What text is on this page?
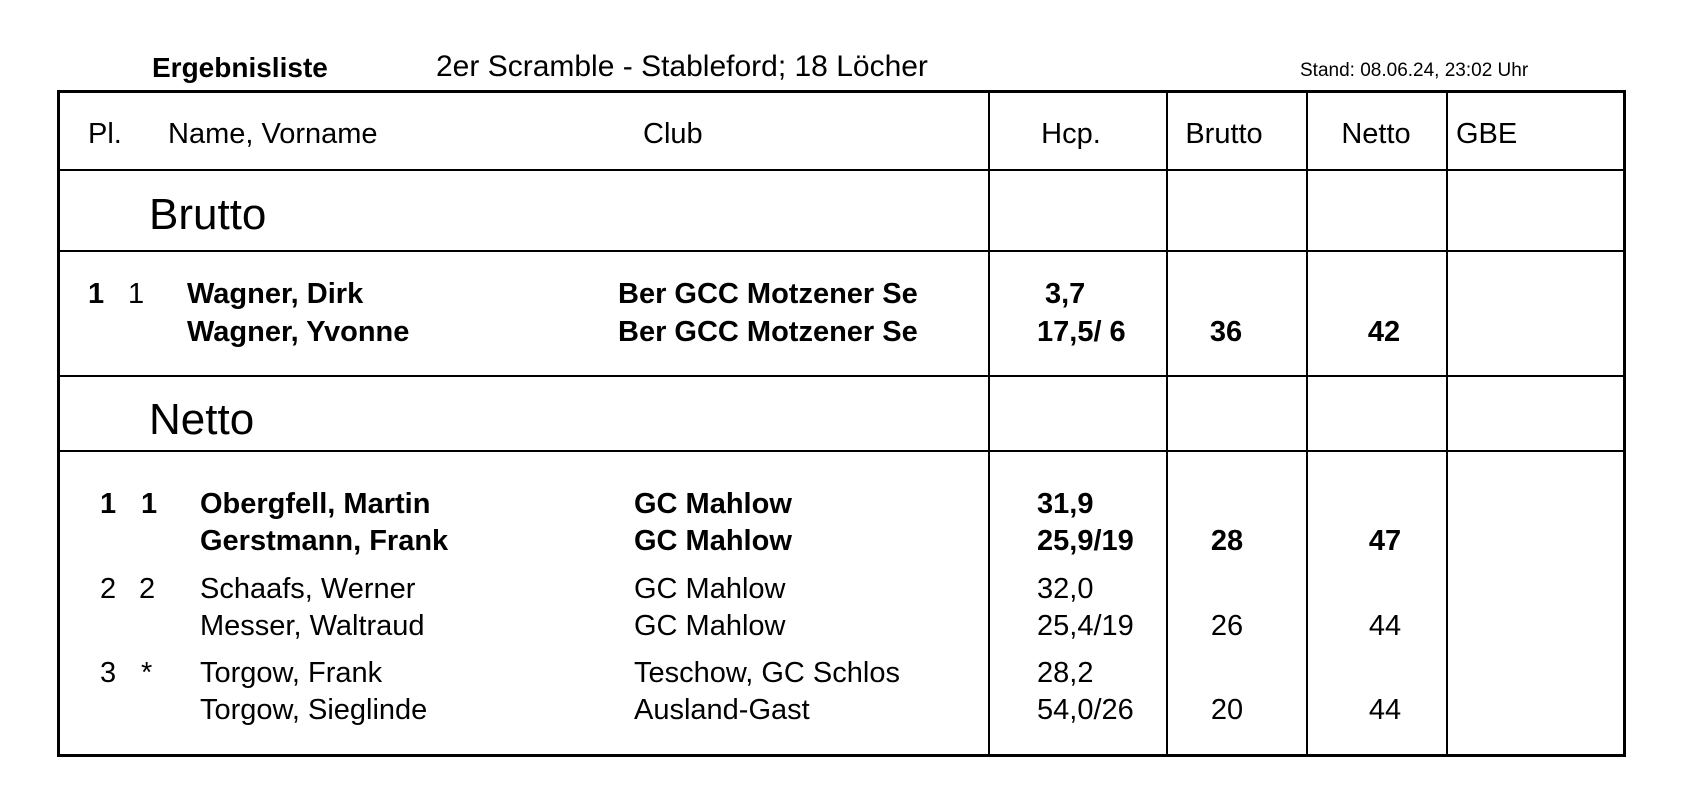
Ergebnisliste	2er Scramble - Stableford; 18 Löcher	Stand: 08.06.24, 23:02 Uhr
Pl. Name, Vorname	Club	Hcp.	Brutto	Netto GBE
Brutto
1 1 Wagner, Dirk	Ber GCC Motzener Se	3,7
Wagner, Yvonne	Ber GCC Motzener Se	17,5/ 6	36	42
Netto
1 1 Obergfell, Martin	GC Mahlow	31,9
Gerstmann, Frank	GC Mahlow	25,9/19	28	47
2 2 Schaafs, Werner	GC Mahlow	32,0
Messer, Waltraud	GC Mahlow	25,4/19	26	44
3 * Torgow, Frank	Teschow, GC Schlos	28,2
Torgow, Sieglinde	Ausland-Gast	54,0/26	20	44
